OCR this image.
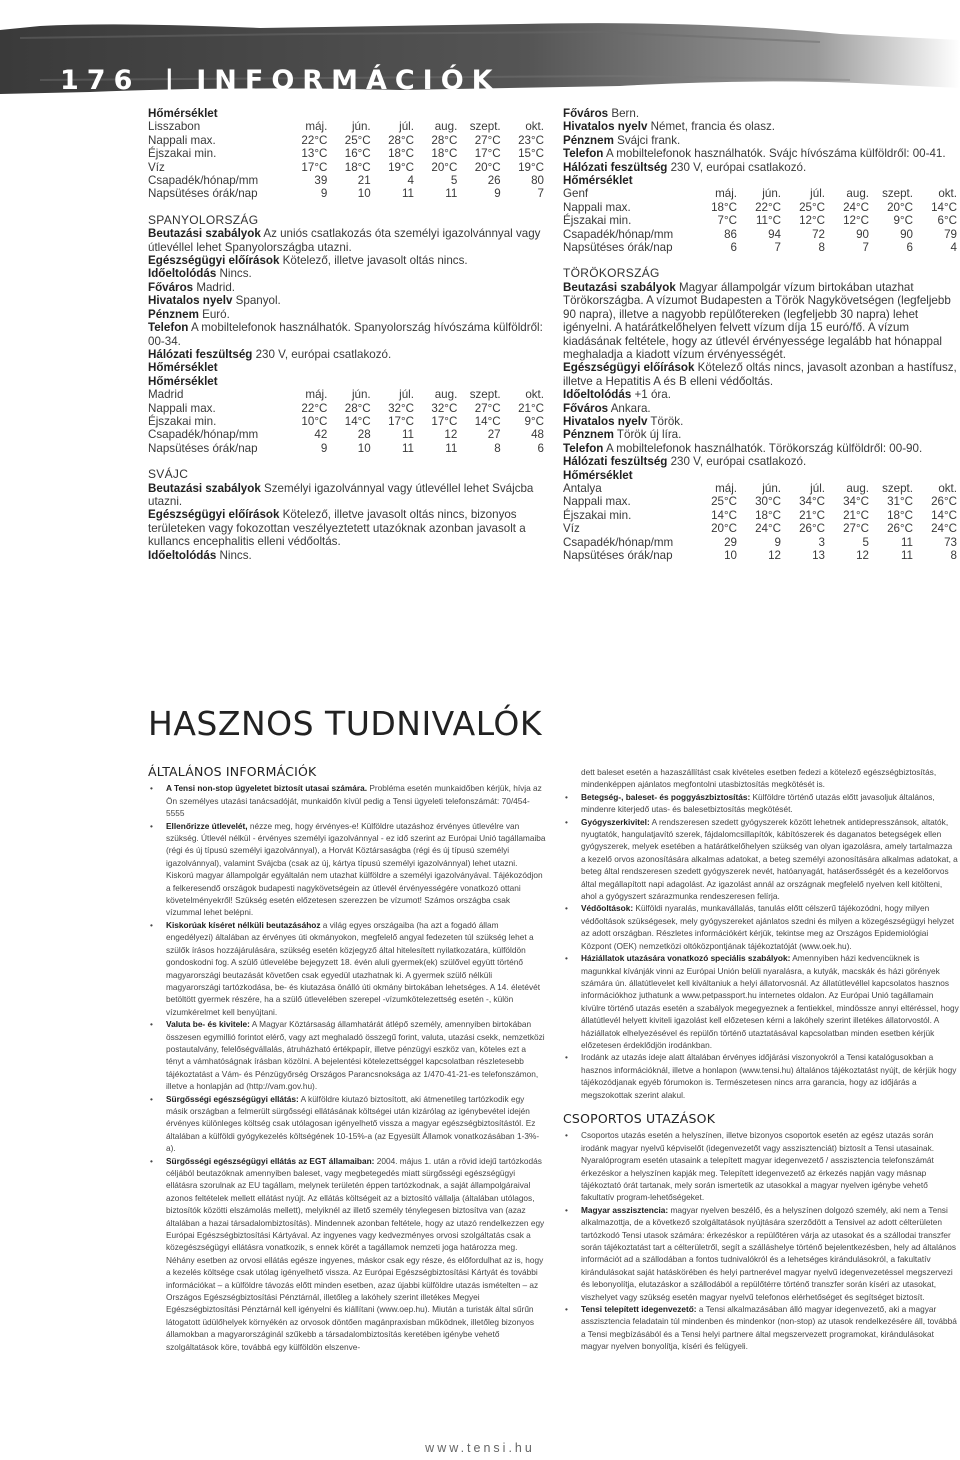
176 | INFORMÁCIÓK

Hőmérséklet

Lisszabon	máj.	jún.	júl.	aug.	szept.	okt.
Nappali max.	22°C	25°C	28°C	28°C	27°C	23°C
Éjszakai min.	13°C	16°C	18°C	18°C	17°C	15°C
Víz	17°C	18°C	19°C	20°C	20°C	19°C
Csapadék/hónap/mm	39	21	4	5	26	80
Napsütéses órák/nap	9	10	11	11	9	7

SPANYOLORSZÁG

Beutazási szabályok Az uniós csatlakozás óta személyi igazolvánnyal vagy útlevéllel lehet Spanyolországba utazni.

Egészségügyi előírások Kötelező, illetve javasolt oltás nincs.

Időeltolódás Nincs.

Főváros Madrid.

Hivatalos nyelv Spanyol.

Pénznem Euró.

Telefon A mobiltelefonok használhatók. Spanyolország hívószáma külföldről: 00-34.

Hálózati feszültség 230 V, európai csatlakozó.

Hőmérséklet

Hőmérséklet

Madrid	máj.	jún.	júl.	aug.	szept.	okt.
Nappali max.	22°C	28°C	32°C	32°C	27°C	21°C
Éjszakai min.	10°C	14°C	17°C	17°C	14°C	9°C
Csapadék/hónap/mm	42	28	11	12	27	48
Napsütéses órák/nap	9	10	11	11	8	6

SVÁJC

Beutazási szabályok Személyi igazolvánnyal vagy útlevéllel lehet Svájcba utazni.

Egészségügyi előírások Kötelező, illetve javasolt oltás nincs, bizonyos területeken vagy fokozottan veszélyeztetett utazóknak azonban javasolt a kullancs encephalitis elleni védőoltás.

Időeltolódás Nincs.

Főváros Bern.

Hivatalos nyelv Német, francia és olasz.

Pénznem Svájci frank.

Telefon A mobiltelefonok használhatók. Svájc hívószáma külföldről: 00-41.

Hálózati feszültség 230 V, európai csatlakozó.

Hőmérséklet

Genf	máj.	jún.	júl.	aug.	szept.	okt.
Nappali max.	18°C	22°C	25°C	24°C	20°C	14°C
Éjszakai min.	7°C	11°C	12°C	12°C	9°C	6°C
Csapadék/hónap/mm	86	94	72	90	90	79
Napsütéses órák/nap	6	7	8	7	6	4

TÖRÖKORSZÁG

Beutazási szabályok Magyar állampolgár vízum birtokában utazhat Törökországba. A vízumot Budapesten a Török Nagykövetségen (legfeljebb 90 napra), illetve a nagyobb repülőtereken (legfeljebb 30 napra) lehet igényelni. A határátkelőhelyen felvett vízum díja 15 euró/fő. A vízum kiadásának feltétele, hogy az útlevél érvényessége legalább hat hónappal meghaladja a kiadott vízum érvényességét.

Egészségügyi előírások Kötelező oltás nincs, javasolt azonban a hastífusz, illetve a Hepatitis A és B elleni védőoltás.

Időeltolódás +1 óra.

Főváros Ankara.

Hivatalos nyelv Török.

Pénznem Török új líra.

Telefon A mobiltelefonok használhatók. Törökország külföldről: 00-90.

Hálózati feszültség 230 V, európai csatlakozó.

Hőmérséklet

Antalya	máj.	jún.	júl.	aug.	szept.	okt.
Nappali max.	25°C	30°C	34°C	34°C	31°C	26°C
Éjszakai min.	14°C	18°C	21°C	21°C	18°C	14°C
Víz	20°C	24°C	26°C	27°C	26°C	24°C
Csapadék/hónap/mm	29	9	3	5	11	73
Napsütéses órák/nap	10	12	13	12	11	8
HASZNOS TUDNIVALÓK
ÁLTALÁNOS INFORMÁCIÓK
• A Tensi non-stop ügyeletet biztosít utasai számára. Probléma esetén munkaidőben kérjük, hívja az Ön személyes utazási tanácsadóját, munkaidőn kívül pedig a Tensi ügyeleti telefonszámát: 70/454-5555
• Ellenőrizze útlevelét, nézze meg, hogy érvényes-e! Külföldre utazáshoz érvényes útlevélre van szükség. Útlevél nélkül - érvényes személyi igazolvánnyal - ez idő szerint az Európai Unió tagállamaiba (régi és új típusú személyi igazolvánnyal), a Horvát Köztársaságba (régi és új típusú személyi igazolvánnyal), valamint Svájcba (csak az új, kártya típusú személyi igazolvánnyal) lehet utazni. Kiskorú magyar állampolgár egyáltalán nem utazhat külföldre a személyi igazolványával. Tájékozódjon a felkeresendő országok budapesti nagykövetségein az útlevél érvényességére vonatkozó ottani követelményekről! Szükség esetén előzetesen szerezzen be vízumot! Számos országba csak vízummal lehet belépni.
• Kiskorúak kíséret nélküli beutazásához a világ egyes országaiba (ha azt a fogadó állam engedélyezi) általában az érvényes úti okmányokon, megfelelő angyal fedezeten túl szükség lehet a szülők írásos hozzájárulására, szükség esetén közjegyző által hitelesített nyilatkozatára, külföldön gondoskodni fog. A szülő útlevelébe bejegyzett 18. évén aluli gyermek(ek) szülővel együtt történő magyarországi beutazását követően csak egyedül utazhatnak ki. A gyermek szülő nélküli magyarországi tartózkodása, be- és kiutazása önálló úti okmány birtokában lehetséges. A 14. életévét betöltött gyermek részére, ha a szülő útlevelében szerepel -vízumkötelezettség esetén -, külön vízumkérelmet kell benyújtani.
• Valuta be- és kivitele: A Magyar Köztársaság államhatárát átlépő személy, amennyiben birtokában összesen egymillió forintot elérő, vagy azt meghaladó összegű forint, valuta, utazási csekk, nemzetközi postautalvány, felelőségvállalás, átruházható értékpapír, illetve pénzügyi eszköz van, köteles ezt a tényt a vámhatóságnak írásban közölni. A bejelentési kötelezettséggel kapcsolatban részletesebb tájékoztatást a Vám- és Pénzügyőrség Országos Parancsnoksága az 1/470-41-21-es telefonszámon, illetve a honlapján ad (http://vam.gov.hu).
• Sürgősségi egészségügyi ellátás: A külföldre kiutazó biztosított, aki átmenetileg tartózkodik egy másik országban a felmerült sürgősségi ellátásának költségei után kizárólag az igénybevétel idején érvényes különleges költség csak utólagosan igényelhető vissza a magyar egészségbiztosítástól. Ez általában a külföldi gyógykezelés költségének 10-15%-a (az Egyesült Államok vonatkozásában 1-3%-a).
• Sürgősségi egészségügyi ellátás az EGT államaiban: 2004. május 1. után a rövid idejű tartózkodás céljából beutazóknak amennyiben baleset, vagy megbetegedés miatt sürgősségi egészségügyi ellátásra szorulnak az EU tagállam, melynek területén éppen tartózkodnak, a saját állampolgáraival azonos feltételek mellett ellátást nyújt. Az ellátás költségeit az a biztosító vállalja (általában utólagos, biztosítók közötti elszámolás mellett), melyiknél az illető személy ténylegesen biztosítva van (azaz általában a hazai társadalombiztosítás). Mindennek azonban feltétele, hogy az utazó rendelkezzen egy Európai Egészségbiztosítási Kártyával. Az ingyenes vagy kedvezményes orvosi szolgáltatás csak a közegészségügyi ellátásra vonatkozik, s ennek körét a tagállamok nemzeti joga határozza meg. Néhány esetben az orvosi ellátás egésze ingyenes, máskor csak egy része, és előfordulhat az is, hogy a kezelés költsége csak utólag igényelhető vissza. Az Európai Egészségbiztosítási Kártyát és további információkat – a külföldre távozás előtt minden esetben, azaz újabbi külföldre utazás ismételten – az Országos Egészségbiztosítási Pénztárnál, illetőleg a lakóhely szerint illetékes Megyei Egészségbiztosítási Pénztárnál kell igényelni és kiállítani (www.oep.hu). Miután a turisták által sűrűn látogatott üdülőhelyek környékén az orvosok döntően magánpraxisban működnek, illetőleg bizonyos államokban a magyarországinál szűkebb a társadalombiztosítás keretében igénybe vehető szolgáltatások köre, továbbá egy külföldön elszenve-
dett baleset esetén a hazaszállítást csak kivételes esetben fedezi a kötelező egészségbiztosítás, mindenképpen ajánlatos megfontolni utasbiztosítás megkötését is.
• Betegség-, baleset- és poggyászbiztosítás: Külföldre történő utazás előtt javasoljuk általános, mindenre kiterjedő utas- és balesetbiztosítás megkötését.
• Gyógyszerkivitel: A rendszeresen szedett gyógyszerek között lehetnek antidepresszánsok, altatók, nyugtatók, hangulatjavító szerek, fájdalomcsillapítók, kábítószerek és daganatos betegségek ellen gyógyszerek, melyek esetében a határátkelőhelyen szükség van olyan igazolásra, amely tartalmazza a kezelő orvos azonosítására alkalmas adatokat, a beteg személyi azonosítására alkalmas adatokat, a beteg által rendszeresen szedett gyógyszerek nevét, hatóanyagát, hatáserősségét és a kezelőorvos által megállapított napi adagolást. Az igazolást annál az országnak megfelelő nyelven kell kitölteni, ahol a gyógyszert szárazmunka rendeszeresen felírja.
• Védőoltások: Külföldi nyaralás, munkavállalás, tanulás előtt célszerű tájékozódni, hogy milyen védőoltások szükségesek, mely gyógyszereket ajánlatos szedni és milyen a közegészségügyi helyzet az adott országban. Részletes információkért kérjük, tekintse meg az Országos Epidemiológiai Központ (OEK) nemzetközi oltóközpontjának tájékoztatóját (www.oek.hu).
• Háziállatok utazására vonatkozó speciális szabályok: Amennyiben házi kedvencüknek is magunkkal kívánják vinni az Európai Unión belüli nyaralásra, a kutyák, macskák és házi görények számára ún. állatútlevelet kell kiváltaniuk a helyi állatorvosnál. Az állatútlevéllel kapcsolatos hasznos információkhoz juthatunk a www.petpassport.hu internetes oldalon. Az Európai Unió tagállamain kívülre történő utazás esetén a szabályok megegyeznek a fentiekkel, mindössze annyi eltéréssel, hogy állatútlevél helyett kiviteli igazolást kell előzetesen kérni a lakóhely szerint illetékes állatorvostól. A háziállatok elhelyezésével és repülőn történő utaztatásával kapcsolatban minden esetben kérjük előzetesen érdeklődjön irodánkban.
• Irodánk az utazás ideje alatt általában érvényes időjárási viszonyokról a Tensi katalógusokban a hasznos információknál, illetve a honlapon (www.tensi.hu) általános tájékoztatást nyújt, de kérjük hogy tájékozódjanak egyéb fórumokon is. Természetesen nincs arra garancia, hogy az időjárás a megszokottak szerint alakul.
CSOPORTOS UTAZÁSOK
• Csoportos utazás esetén a helyszínen, illetve bizonyos csoportok esetén az egész utazás során irodánk magyar nyelvű képviselőt (idegenvezetőt vagy asszisztenciát) biztosít a Tensi utasainak. Nyaralóprogram esetén utasaink a telepített magyar idegenvezető / asszisztencia telefonszámát érkezéskor a helyszínen kapják meg. Telepített idegenvezető az érkezés napján vagy másnap tájékoztató órát tartanak, mely során ismertetik az utasokkal a magyar nyelven igénybe vehető fakultatív program-lehetőségeket.
• Magyar asszisztencia: magyar nyelven beszélő, és a helyszínen dolgozó személy, aki nem a Tensi alkalmazottja, de a következő szolgáltatások nyújtására szerződött a Tensivel az adott célterületen tartózkodó Tensi utasok számára: érkezéskor a repülőtéren várja az utasokat és a szállodai transzfer során tájékoztatást tart a célterületről, segít a szálláshelye történő bejelentkezésben, hely ad általános információt ad a szállodában a fontos tudnivalókról és a lehetséges kirándulásokról, a fakultatív kirándulásokat saját hatáskörében és helyi partnerével magyar nyelvű idegenvezetéssel megszervezi és lebonyolítja, elutazáskor a szállodából a repülőtérre történő transzfer során kíséri az utasokat, viszhelyet vagy szükség esetén magyar nyelvű telefonos elérhetőséget és segítséget biztosít.
• Tensi telepített idegenvezető: a Tensi alkalmazásában álló magyar idegenvezető, aki a magyar asszisztencia feladatain túl mindenben és mindenkor (non-stop) az utasok rendelkezésére áll, továbbá a Tensi megbízásából és a Tensi helyi partnere által megszervezett programokat, kirándulásokat magyar nyelven bonyolítja, kíséri és felügyeli.
www.tensi.hu
